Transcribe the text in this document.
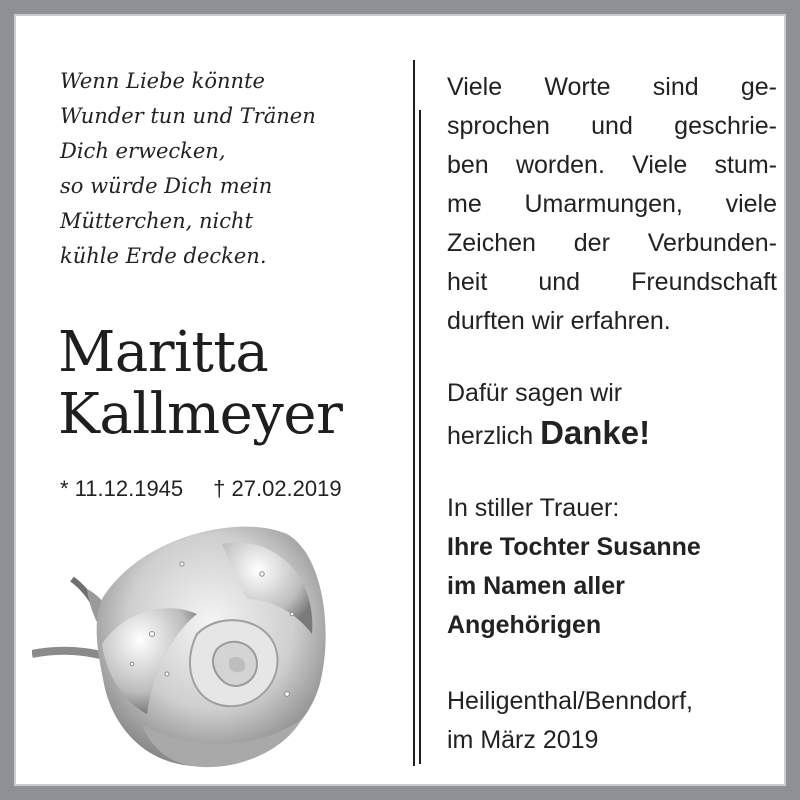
Wenn Liebe könnte
Wunder tun und Tränen
Dich erwecken,
so würde Dich mein
Mütterchen, nicht
kühle Erde decken.
Maritta
Kallmeyer
* 11.12.1945 † 27.02.2019
Viele Worte sind ge-
sprochen und geschrie-
ben worden. Viele stum-
me Umarmungen, viele
Zeichen der Verbunden-
heit und Freundschaft
durften wir erfahren.
Dafür sagen wir
herzlich Danke!
In stiller Trauer:
Ihre Tochter Susanne
im Namen aller
Angehörigen
Heiligenthal/Benndorf,
im März 2019
